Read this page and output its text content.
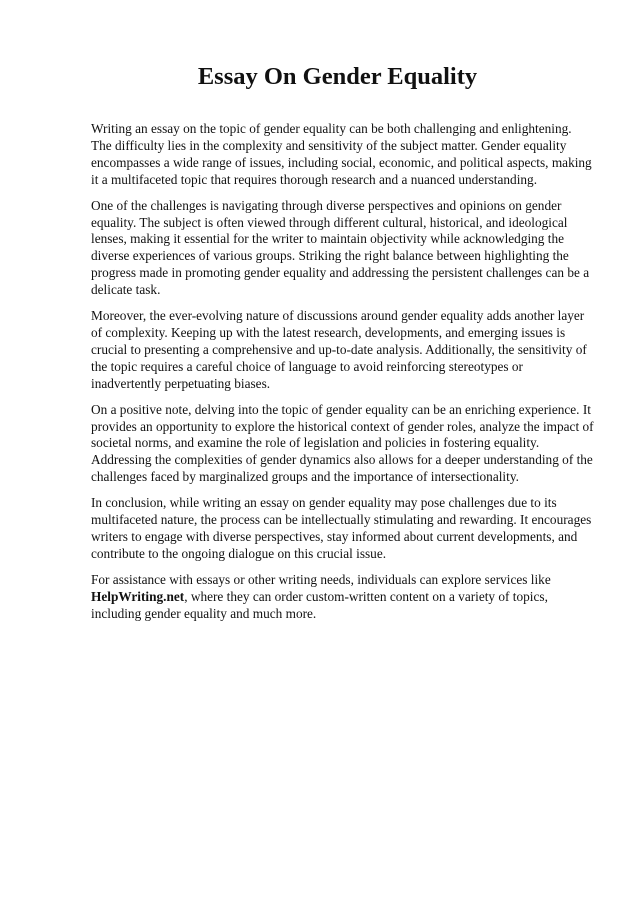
Essay On Gender Equality

Writing an essay on the topic of gender equality can be both challenging and enlightening. The difficulty lies in the complexity and sensitivity of the subject matter. Gender equality encompasses a wide range of issues, including social, economic, and political aspects, making it a multifaceted topic that requires thorough research and a nuanced understanding.

One of the challenges is navigating through diverse perspectives and opinions on gender equality. The subject is often viewed through different cultural, historical, and ideological lenses, making it essential for the writer to maintain objectivity while acknowledging the diverse experiences of various groups. Striking the right balance between highlighting the progress made in promoting gender equality and addressing the persistent challenges can be a delicate task.

Moreover, the ever-evolving nature of discussions around gender equality adds another layer of complexity. Keeping up with the latest research, developments, and emerging issues is crucial to presenting a comprehensive and up-to-date analysis. Additionally, the sensitivity of the topic requires a careful choice of language to avoid reinforcing stereotypes or inadvertently perpetuating biases.

On a positive note, delving into the topic of gender equality can be an enriching experience. It provides an opportunity to explore the historical context of gender roles, analyze the impact of societal norms, and examine the role of legislation and policies in fostering equality. Addressing the complexities of gender dynamics also allows for a deeper understanding of the challenges faced by marginalized groups and the importance of intersectionality.

In conclusion, while writing an essay on gender equality may pose challenges due to its multifaceted nature, the process can be intellectually stimulating and rewarding. It encourages writers to engage with diverse perspectives, stay informed about current developments, and contribute to the ongoing dialogue on this crucial issue.

For assistance with essays or other writing needs, individuals can explore services like HelpWriting.net, where they can order custom-written content on a variety of topics, including gender equality and much more.
